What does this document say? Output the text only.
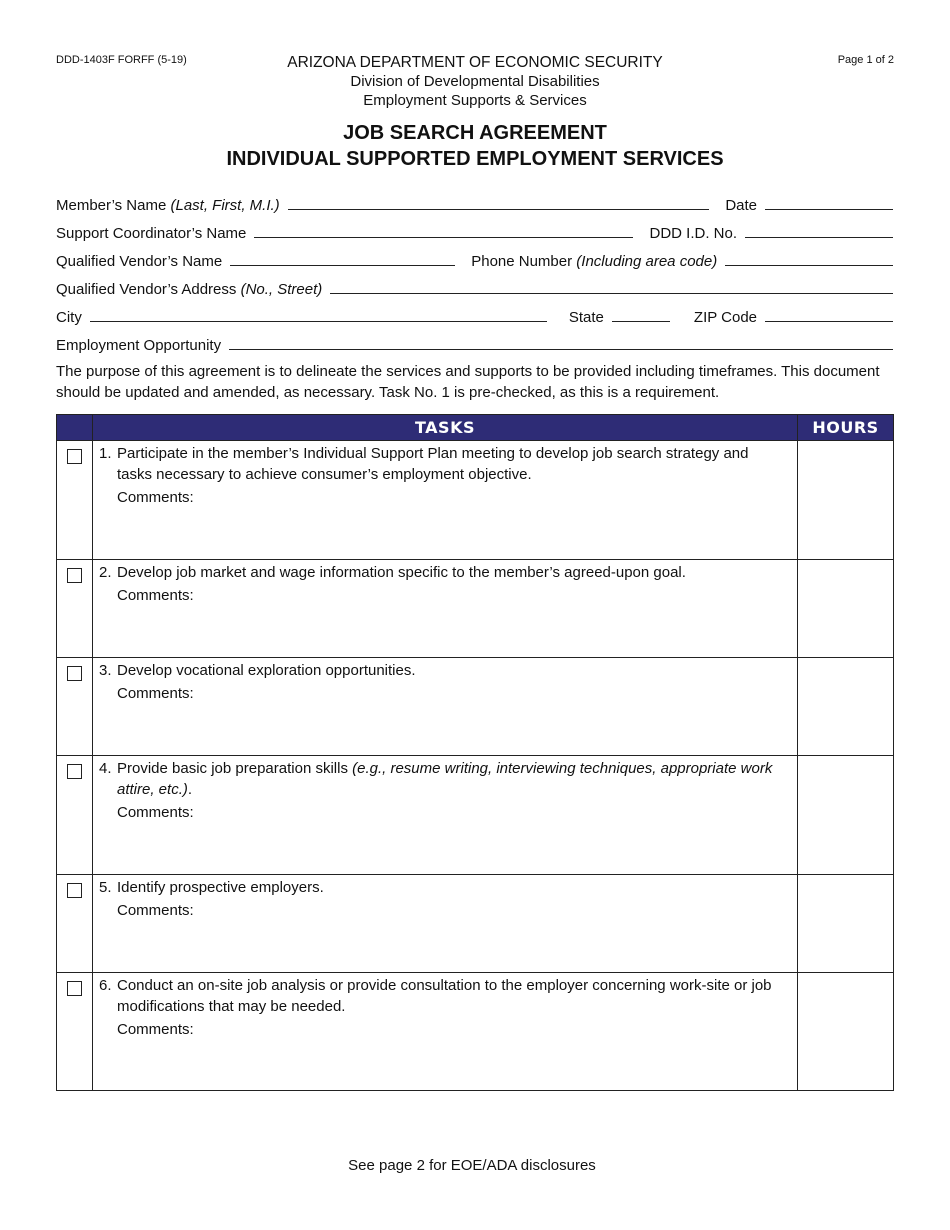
DDD-1403F FORFF (5-19)	Page 1 of 2
ARIZONA DEPARTMENT OF ECONOMIC SECURITY
Division of Developmental Disabilities
Employment Supports & Services
JOB SEARCH AGREEMENT
INDIVIDUAL SUPPORTED EMPLOYMENT SERVICES
Member’s Name (Last, First, M.I.)	Date
Support Coordinator’s Name	DDD I.D. No.
Qualified Vendor’s Name	Phone Number (Including area code)
Qualified Vendor’s Address (No., Street)
City	State	ZIP Code
Employment Opportunity
The purpose of this agreement is to delineate the services and supports to be provided including timeframes. This document should be updated and amended, as necessary. Task No. 1 is pre-checked, as this is a requirement.
	TASKS	HOURS
	1. Participate in the member’s Individual Support Plan meeting to develop job search strategy and tasks necessary to achieve consumer’s employment objective.
Comments:	

	2. Develop job market and wage information specific to the member’s agreed-upon goal.
Comments:	

	3. Develop vocational exploration opportunities.
Comments:	

	4. Provide basic job preparation skills (e.g., resume writing, interviewing techniques, appropriate work attire, etc.).
Comments:	

	5. Identify prospective employers.
Comments:	

	6. Conduct an on-site job analysis or provide consultation to the employer concerning work-site or job modifications that may be needed.
Comments:	

See page 2 for EOE/ADA disclosures
